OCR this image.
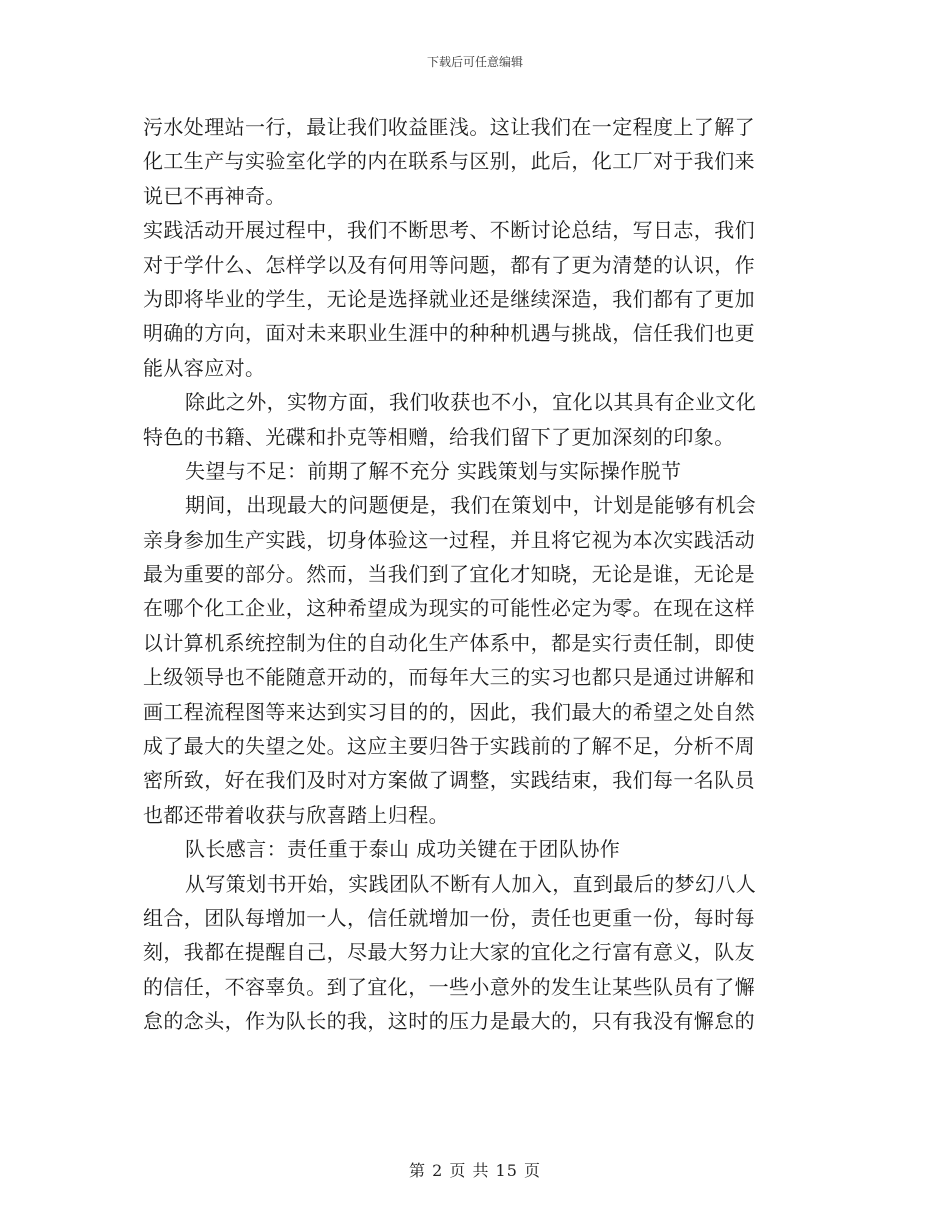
下载后可任意编辑
污水处理站一行，最让我们收益匪浅。这让我们在一定程度上了解了
化工生产与实验室化学的内在联系与区别，此后，化工厂对于我们来
说已不再神奇。
实践活动开展过程中，我们不断思考、不断讨论总结，写日志，我们
对于学什么、怎样学以及有何用等问题，都有了更为清楚的认识，作
为即将毕业的学生，无论是选择就业还是继续深造，我们都有了更加
明确的方向，面对未来职业生涯中的种种机遇与挑战，信任我们也更
能从容应对。
除此之外，实物方面，我们收获也不小，宜化以其具有企业文化
特色的书籍、光碟和扑克等相赠，给我们留下了更加深刻的印象。
失望与不足：前期了解不充分 实践策划与实际操作脱节
期间，出现最大的问题便是，我们在策划中，计划是能够有机会
亲身参加生产实践，切身体验这一过程，并且将它视为本次实践活动
最为重要的部分。然而，当我们到了宜化才知晓，无论是谁，无论是
在哪个化工企业，这种希望成为现实的可能性必定为零。在现在这样
以计算机系统控制为住的自动化生产体系中，都是实行责任制，即使
上级领导也不能随意开动的，而每年大三的实习也都只是通过讲解和
画工程流程图等来达到实习目的的，因此，我们最大的希望之处自然
成了最大的失望之处。这应主要归咎于实践前的了解不足，分析不周
密所致，好在我们及时对方案做了调整，实践结束，我们每一名队员
也都还带着收获与欣喜踏上归程。
队长感言：责任重于泰山 成功关键在于团队协作
从写策划书开始，实践团队不断有人加入，直到最后的梦幻八人
组合，团队每增加一人，信任就增加一份，责任也更重一份，每时每
刻，我都在提醒自己，尽最大努力让大家的宜化之行富有意义，队友
的信任，不容辜负。到了宜化，一些小意外的发生让某些队员有了懈
怠的念头，作为队长的我，这时的压力是最大的，只有我没有懈怠的
第 2 页 共 15 页
